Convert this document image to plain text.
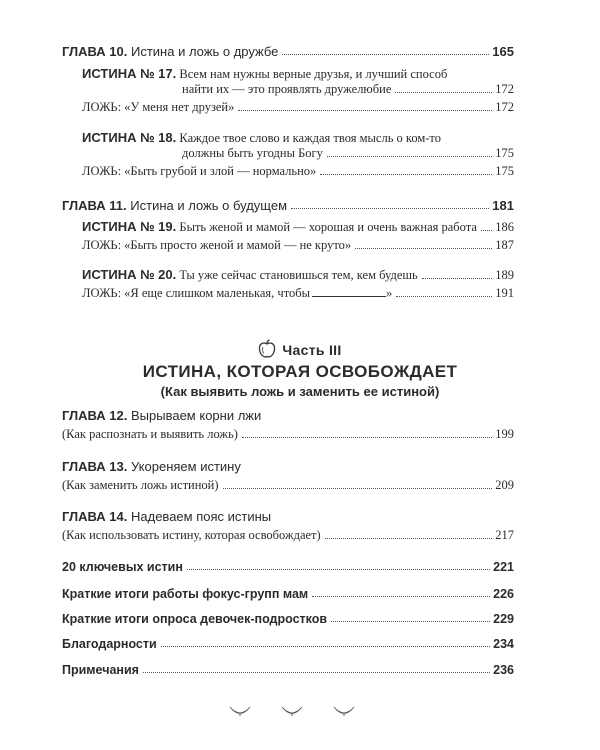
ГЛАВА 10. Истина и ложь о дружбе	165
ИСТИНА № 17. Всем нам нужны верные друзья, и лучший способ
найти их — это проявлять дружелюбие	172
ЛОЖЬ: «У меня нет друзей»	172
ИСТИНА № 18. Каждое твое слово и каждая твоя мысль о ком-то
должны быть угодны Богу	175
ЛОЖЬ: «Быть грубой и злой — нормально»	175
ГЛАВА 11. Истина и ложь о будущем	181
ИСТИНА № 19. Быть женой и мамой — хорошая и очень важная работа 186
ЛОЖЬ: «Быть просто женой и мамой — не круто»	187
ИСТИНА № 20. Ты уже сейчас становишься тем, кем будешь	189
ЛОЖЬ: «Я еще слишком маленькая, чтобы	»	191
Часть III
ИСТИНА, КОТОРАЯ ОСВОБОЖДАЕТ
(Как выявить ложь и заменить ее истиной)
ГЛАВА 12. Вырываем корни лжи
(Как распознать и выявить ложь)	199
ГЛАВА 13. Укореняем истину
(Как заменить ложь истиной)	209
ГЛАВА 14. Надеваем пояс истины
(Как использовать истину, которая освобождает)	217
20 ключевых истин	221
Краткие итоги работы фокус-групп мам	226
Краткие итоги опроса девочек-подростков	229
Благодарности	234
Примечания	236
